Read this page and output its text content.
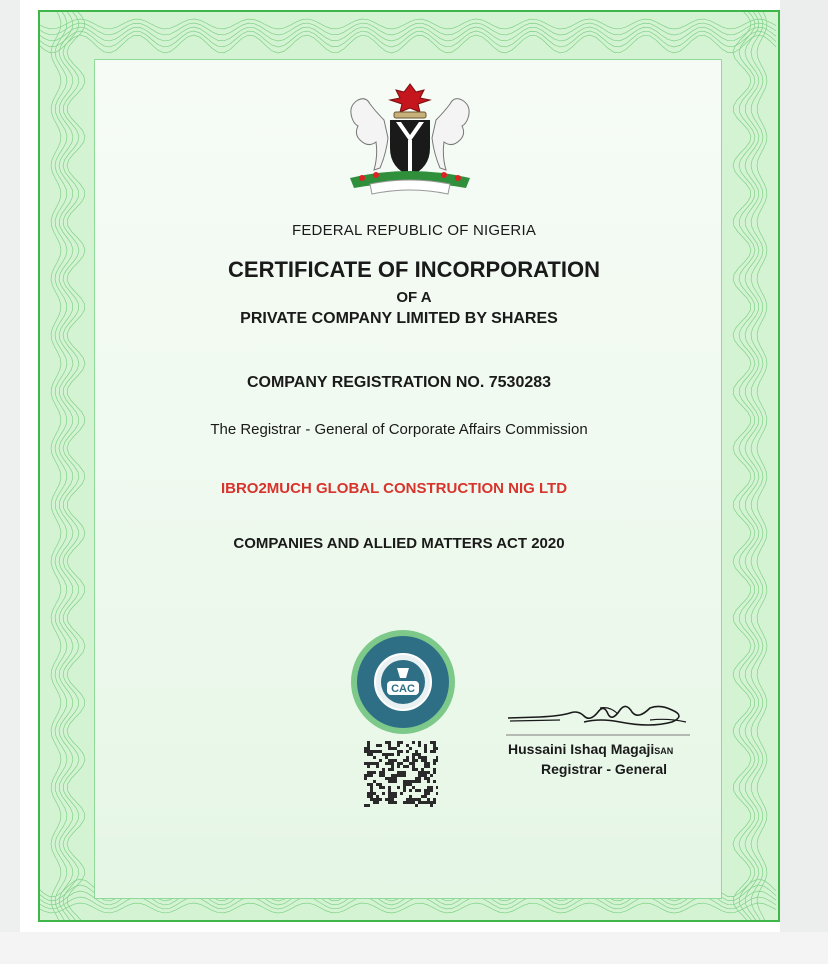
FEDERAL REPUBLIC OF NIGERIA
CERTIFICATE OF INCORPORATION
OF A
PRIVATE COMPANY LIMITED BY SHARES
COMPANY REGISTRATION NO. 7530283
The Registrar - General of Corporate Affairs Commission
IBRO2MUCH GLOBAL CONSTRUCTION NIG LTD
COMPANIES AND ALLIED MATTERS ACT 2020
CAC
Hussaini Ishaq MagajiSAN
Registrar - General
